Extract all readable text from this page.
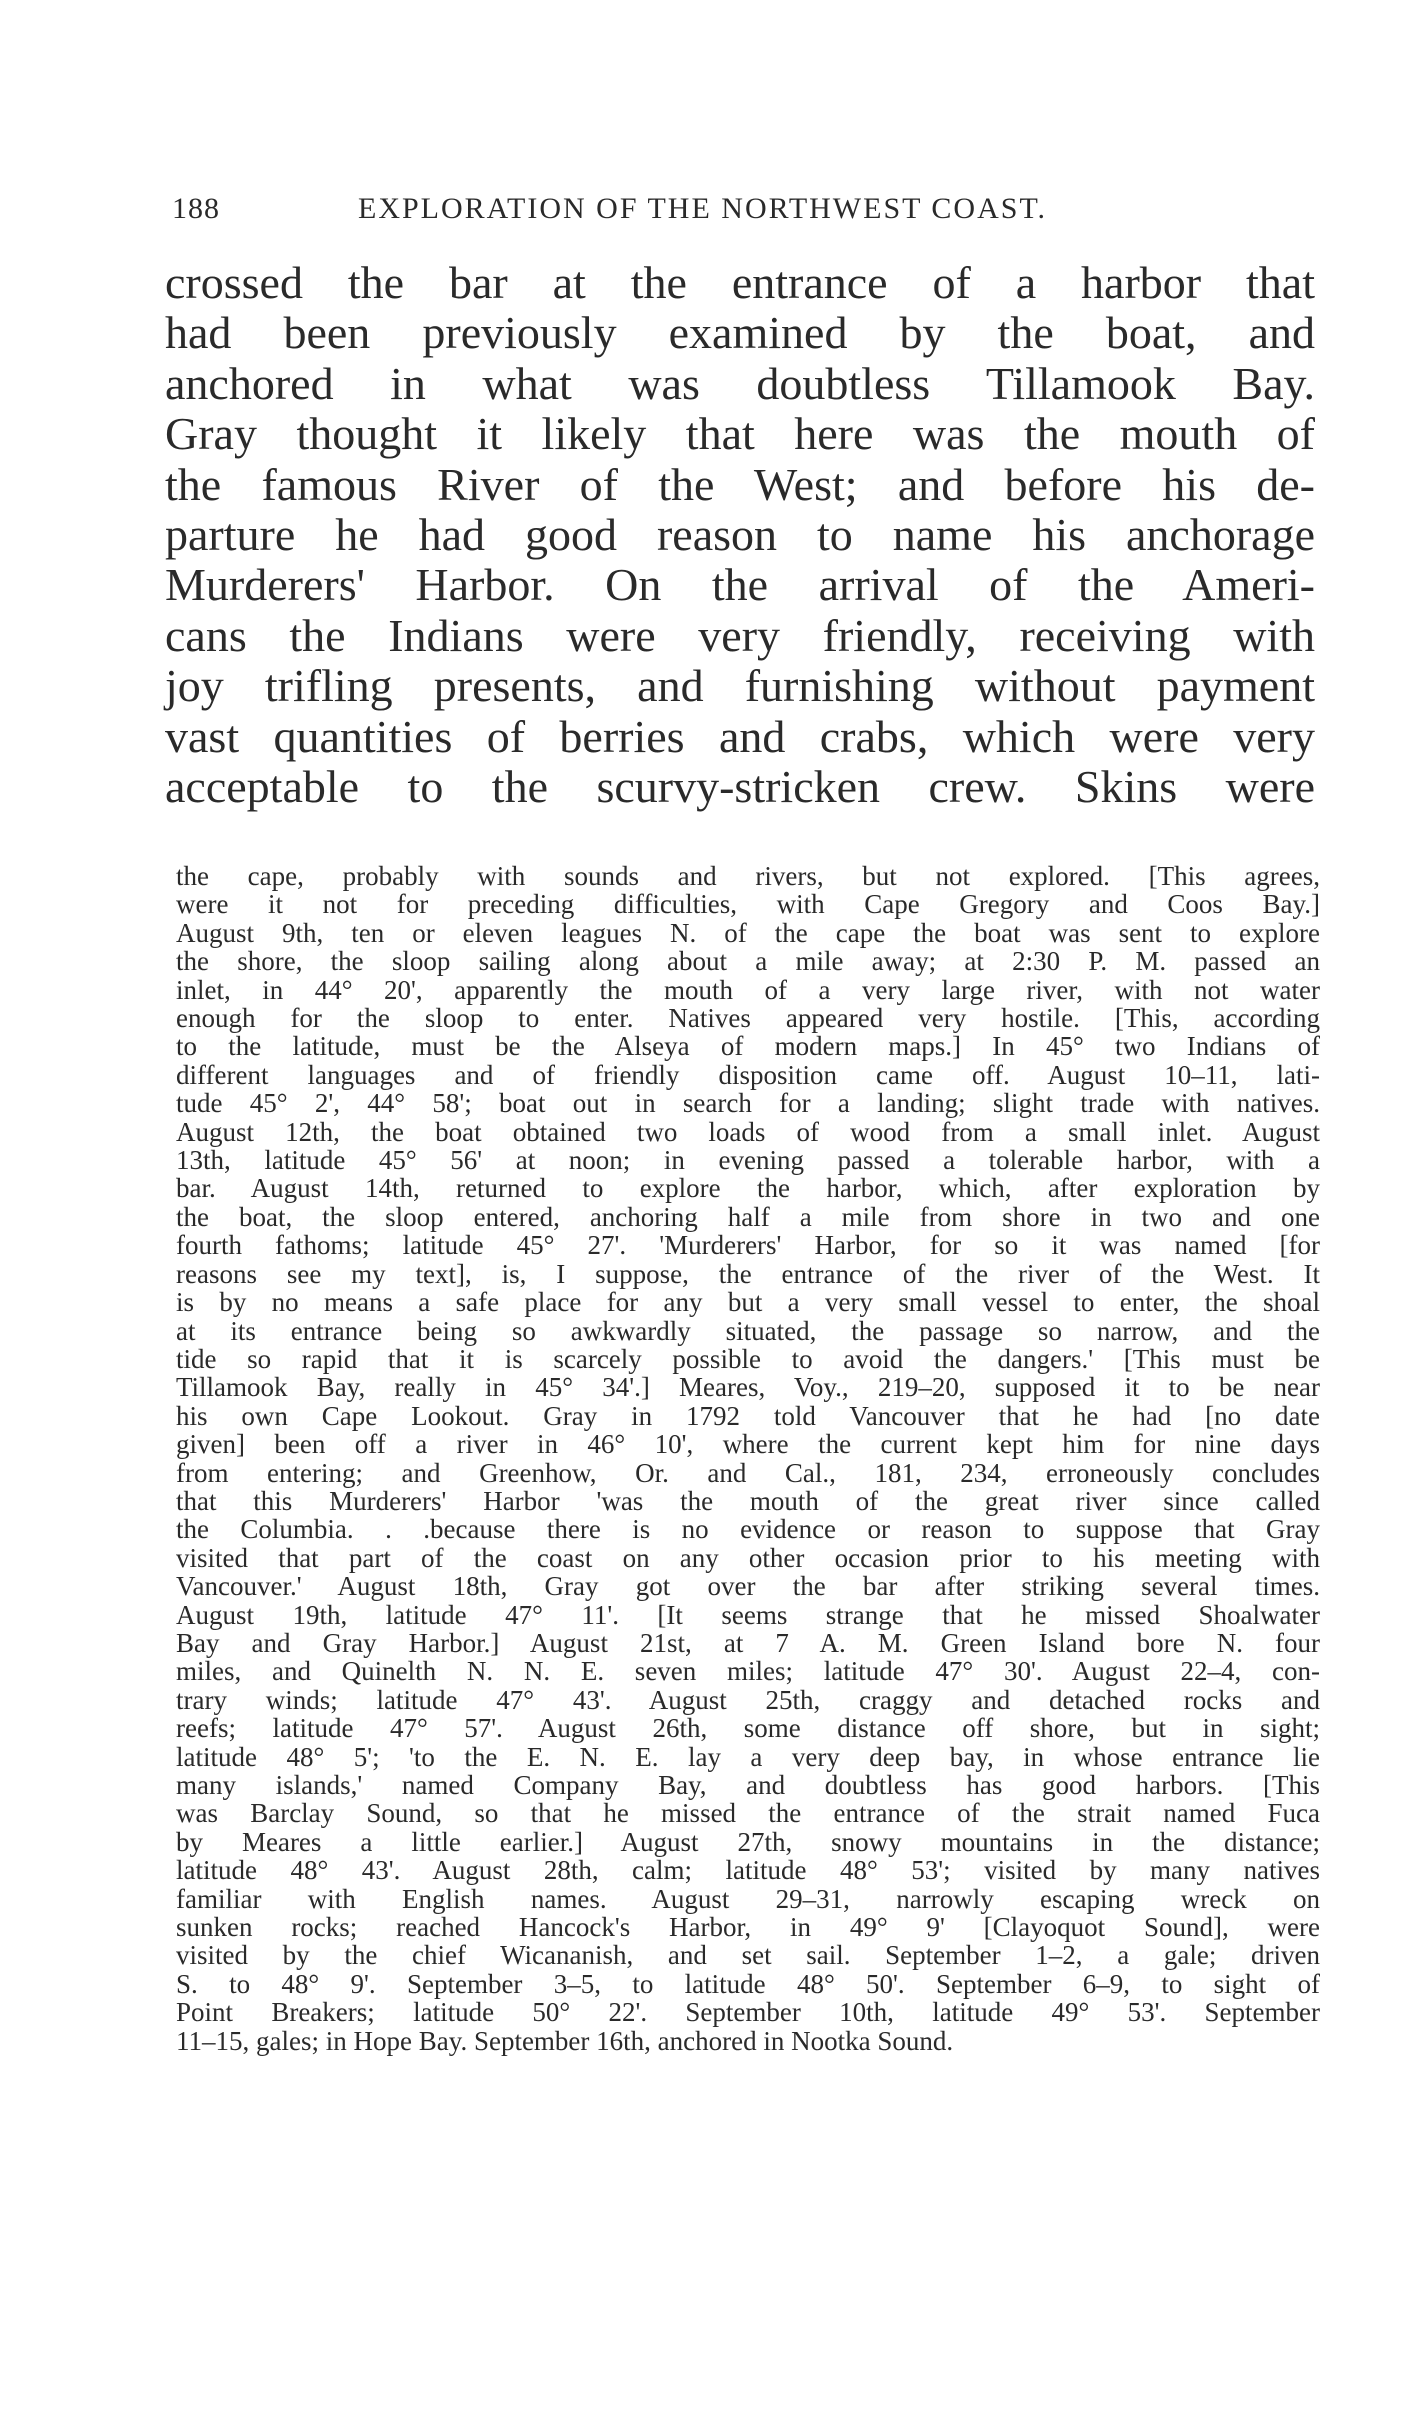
188	EXPLORATION OF THE NORTHWEST COAST.
crossed the bar at the entrance of a harbor that
had been previously examined by the boat, and
anchored in what was doubtless Tillamook Bay.
Gray thought it likely that here was the mouth of
the famous River of the West; and before his de-
parture he had good reason to name his anchorage
Murderers' Harbor. On the arrival of the Ameri-
cans the Indians were very friendly, receiving with
joy trifling presents, and furnishing without payment
vast quantities of berries and crabs, which were very
acceptable to the scurvy-stricken crew. Skins were
the cape, probably with sounds and rivers, but not explored. [This agrees,
were it not for preceding difficulties, with Cape Gregory and Coos Bay.]
August 9th, ten or eleven leagues N. of the cape the boat was sent to explore
the shore, the sloop sailing along about a mile away; at 2:30 P. M. passed an
inlet, in 44° 20', apparently the mouth of a very large river, with not water
enough for the sloop to enter. Natives appeared very hostile. [This, according
to the latitude, must be the Alseya of modern maps.] In 45° two Indians of
different languages and of friendly disposition came off. August 10–11, lati-
tude 45° 2', 44° 58'; boat out in search for a landing; slight trade with natives.
August 12th, the boat obtained two loads of wood from a small inlet. August
13th, latitude 45° 56' at noon; in evening passed a tolerable harbor, with a
bar. August 14th, returned to explore the harbor, which, after exploration by
the boat, the sloop entered, anchoring half a mile from shore in two and one
fourth fathoms; latitude 45° 27'. 'Murderers' Harbor, for so it was named [for
reasons see my text], is, I suppose, the entrance of the river of the West. It
is by no means a safe place for any but a very small vessel to enter, the shoal
at its entrance being so awkwardly situated, the passage so narrow, and the
tide so rapid that it is scarcely possible to avoid the dangers.' [This must be
Tillamook Bay, really in 45° 34'.] Meares, Voy., 219–20, supposed it to be near
his own Cape Lookout. Gray in 1792 told Vancouver that he had [no date
given] been off a river in 46° 10', where the current kept him for nine days
from entering; and Greenhow, Or. and Cal., 181, 234, erroneously concludes
that this Murderers' Harbor 'was the mouth of the great river since called
the Columbia. . .because there is no evidence or reason to suppose that Gray
visited that part of the coast on any other occasion prior to his meeting with
Vancouver.' August 18th, Gray got over the bar after striking several times.
August 19th, latitude 47° 11'. [It seems strange that he missed Shoalwater
Bay and Gray Harbor.] August 21st, at 7 A. M. Green Island bore N. four
miles, and Quinelth N. N. E. seven miles; latitude 47° 30'. August 22–4, con-
trary winds; latitude 47° 43'. August 25th, craggy and detached rocks and
reefs; latitude 47° 57'. August 26th, some distance off shore, but in sight;
latitude 48° 5'; 'to the E. N. E. lay a very deep bay, in whose entrance lie
many islands,' named Company Bay, and doubtless has good harbors. [This
was Barclay Sound, so that he missed the entrance of the strait named Fuca
by Meares a little earlier.] August 27th, snowy mountains in the distance;
latitude 48° 43'. August 28th, calm; latitude 48° 53'; visited by many natives
familiar with English names. August 29–31, narrowly escaping wreck on
sunken rocks; reached Hancock's Harbor, in 49° 9' [Clayoquot Sound], were
visited by the chief Wicananish, and set sail. September 1–2, a gale; driven
S. to 48° 9'. September 3–5, to latitude 48° 50'. September 6–9, to sight of
Point Breakers; latitude 50° 22'. September 10th, latitude 49° 53'. September
11–15, gales; in Hope Bay. September 16th, anchored in Nootka Sound.
